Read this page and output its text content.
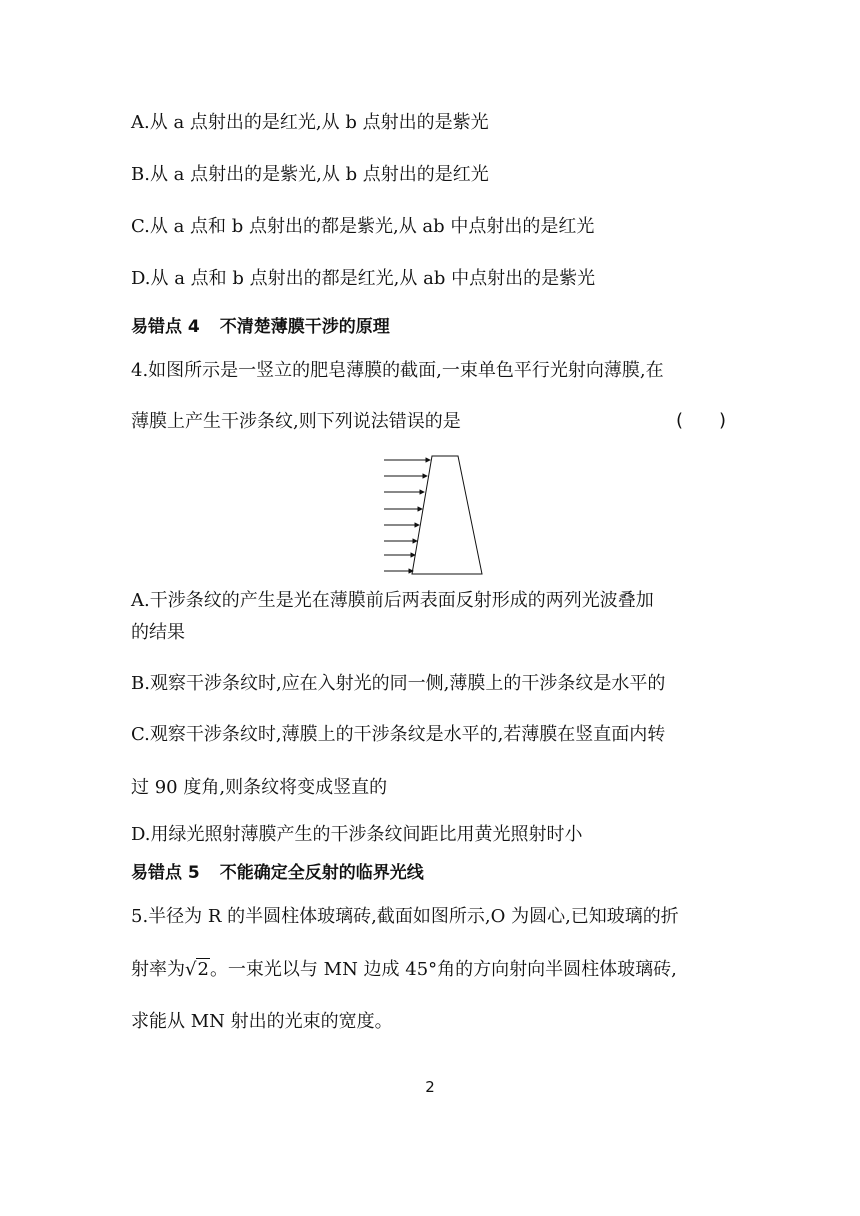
A.从 a 点射出的是红光,从 b 点射出的是紫光
B.从 a 点射出的是紫光,从 b 点射出的是红光
C.从 a 点和 b 点射出的都是紫光,从 ab 中点射出的是红光
D.从 a 点和 b 点射出的都是红光,从 ab 中点射出的是紫光
易错点 4 不清楚薄膜干涉的原理
4.如图所示是一竖立的肥皂薄膜的截面,一束单色平行光射向薄膜,在
薄膜上产生干涉条纹,则下列说法错误的是	( )
A.干涉条纹的产生是光在薄膜前后两表面反射形成的两列光波叠加
的结果
B.观察干涉条纹时,应在入射光的同一侧,薄膜上的干涉条纹是水平的
C.观察干涉条纹时,薄膜上的干涉条纹是水平的,若薄膜在竖直面内转
过 90 度角,则条纹将变成竖直的
D.用绿光照射薄膜产生的干涉条纹间距比用黄光照射时小
易错点 5 不能确定全反射的临界光线
5.半径为 R 的半圆柱体玻璃砖,截面如图所示,O 为圆心,已知玻璃的折
射率为√2。一束光以与 MN 边成 45°角的方向射向半圆柱体玻璃砖,
求能从 MN 射出的光束的宽度。
2
